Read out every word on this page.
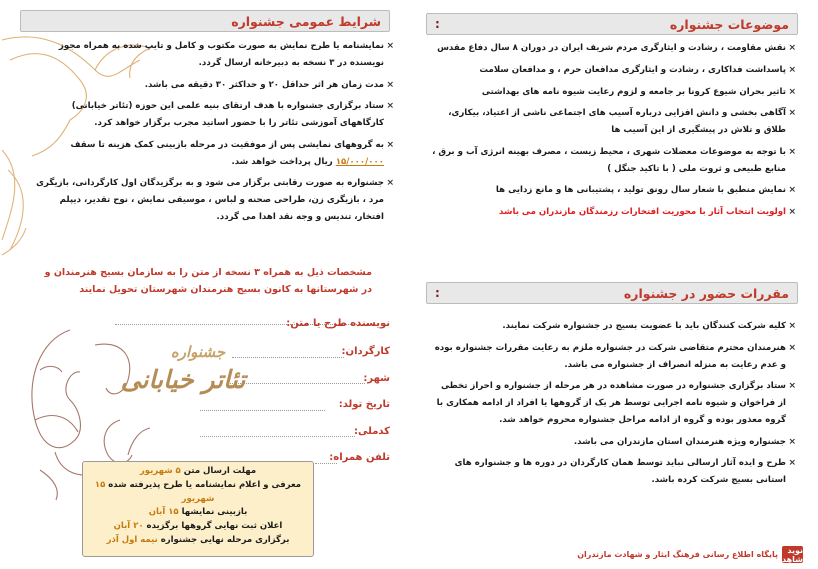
شرایط عمومی جشنواره
× نمایشنامه یا طرح نمایش به صورت مکتوب و کامل و تایپ شده به همراه مجوز نویسنده در ۳ نسخه به دبیرخانه ارسال گردد.
× مدت زمان هر اثر حداقل ۲۰ و حداکثر ۳۰ دقیقه می باشد.
× ستاد برگزاری جشنواره با هدف ارتقای بنیه علمی این حوزه (تئاتر خیابانی) کارگاههای آموزشی تئاتر را با حضور اساتید مجرب برگزار خواهد کرد.
× به گروههای نمایشی پس از موفقیت در مرحله بازبینی کمک هزینه تا سقف ۱۵/۰۰۰/۰۰۰ ریال پرداخت خواهد شد.
× جشنواره به صورت رقابتی برگزار می شود و به برگزیدگان اول کارگردانی، بازیگری مرد ، بازیگری زن، طراحی صحنه و لباس ، موسیقی نمایش ، نوح تقدیر، دیپلم افتخار، تندیس و وجه نقد اهدا می گردد.
مشخصات ذیل به همراه ۳ نسخه از متن را به سازمان بسیج هنرمندان و در شهرستانها به کانون بسیج هنرمندان شهرستان تحویل نمایند
نویسنده طرح یا متن:
کارگردان:
شهر:
تاریخ تولد:
کدملی:
تلفن همراه:
جشنواره
تئاتر خیابانی
مهلت ارسال متن ۵ شهریور
معرفی و اعلام نمایشنامه یا طرح پذیرفته شده ۱۵ شهریور
بازبینی نمایشها ۱۵ آبان
اعلان ثبت نهایی گروهها برگزیده ۲۰ آبان
برگزاری مرحله نهایی جشنواره نیمه اول آذر
موضوعات جشنواره
:
× نقش مقاومت ، رشادت و ایثارگری مردم شریف ایران در دوران ۸ سال دفاع مقدس
× پاسداشت فداکاری ، رشادت و ایثارگری مدافعان حرم ، و مدافعان سلامت
× تاثیر بحران شیوع کرونا بر جامعه و لزوم رعایت شیوه نامه های بهداشتی
× آگاهی بخشی و دانش افزایی درباره آسیب های اجتماعی ناشی از اعتیاد، بیکاری، طلاق و تلاش در پیشگیری از این آسیب ها
× با توجه به موضوعات معضلات شهری ، محیط زیست ، مصرف بهینه انرژی آب و برق ، منابع طبیعی و ثروت ملی ( با تاکید جنگل )
× نمایش منطبق با شعار سال رونق تولید ، پشتیبانی ها و مانع زدایی ها
× اولویت انتخاب آثار با محوریت افتخارات رزمندگان مازندران می باشد
مقررات حضور در جشنواره
:
× کلیه شرکت کنندگان باید با عضویت بسیج در جشنواره شرکت نمایند.
× هنرمندان محترم متقاضی شرکت در جشنواره ملزم به رعایت مقررات جشنواره بوده و عدم رعایت به منزله انصراف از جشنواره می باشد.
× ستاد برگزاری جشنواره در صورت مشاهده در هر مرحله از جشنواره و احراز تخطی از فراخوان و شیوه نامه اجرایی توسط هر یک از گروهها یا افراد از ادامه همکاری با گروه معذور بوده و گروه از ادامه مراحل جشنواره محروم خواهد شد.
× جشنواره ویژه هنرمندان استان مازندران می باشد.
× طرح و ایده آثار ارسالی نباید توسط همان کارگردان در دوره ها و جشنواره های استانی بسیج شرکت کرده باشد.
نوید شاهد
پایگاه اطلاع رسانی فرهنگ ایثار و شهادت مازندران
